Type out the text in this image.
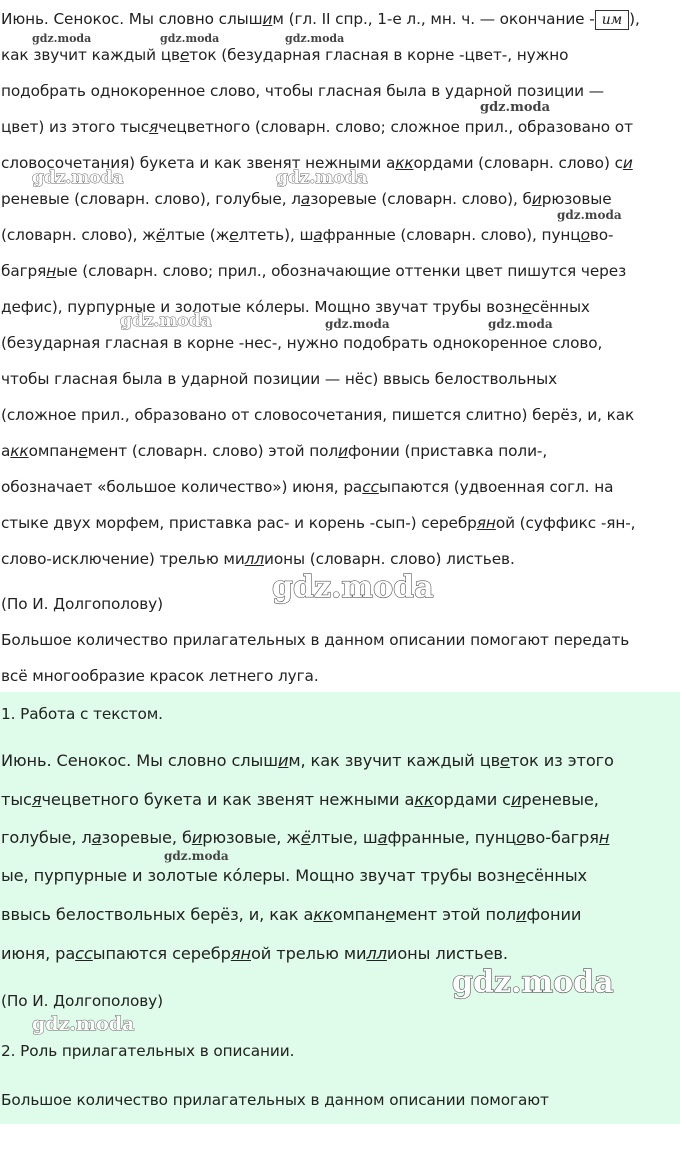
Июнь. Сенокос. Мы словно слышим (гл. II спр., 1-е л., мн. ч. — окончание - им ),
как звучит каждый цветок (безударная гласная в корне -цвет-, нужно
подобрать однокоренное слово, чтобы гласная была в ударной позиции —
цвет) из этого тысячецветного (словарн. слово; сложное прил., образовано от
словосочетания) букета и как звенят нежными аккордами (словарн. слово) си
реневые (словарн. слово), голубые, лазоревые (словарн. слово), бирюзовые
(словарн. слово), жёлтые (желтеть), шафранные (словарн. слово), пунцово-
багряные (словарн. слово; прил., обозначающие оттенки цвет пишутся через
дефис), пурпурные и золотые ко́леры. Мощно звучат трубы вознесённых
(безударная гласная в корне -нес-, нужно подобрать однокоренное слово,
чтобы гласная была в ударной позиции — нёс) ввысь белоствольных
(сложное прил., образовано от словосочетания, пишется слитно) берёз, и, как
аккомпанемент (словарн. слово) этой полифонии (приставка поли-,
обозначает «большое количество») июня, рассыпаются (удвоенная согл. на
стыке двух морфем, приставка рас- и корень -сып-) серебряной (суффикс -ян-,
слово-исключение) трелью миллионы (словарн. слово) листьев.
(По И. Долгополову)
Большое количество прилагательных в данном описании помогают передать
всё многообразие красок летнего луга.
1. Работа с текстом.
Июнь. Сенокос. Мы словно слышим, как звучит каждый цветок из этого
тысячецветного букета и как звенят нежными аккордами сиреневые,
голубые, лазоревые, бирюзовые, жёлтые, шафранные, пунцово-багрян
ые, пурпурные и золотые ко́леры. Мощно звучат трубы вознесённых
ввысь белоствольных берёз, и, как аккомпанемент этой полифонии
июня, рассыпаются серебряной трелью миллионы листьев.
(По И. Долгополову)
2. Роль прилагательных в описании.
Большое количество прилагательных в данном описании помогают
gdz.moda	gdz.moda	gdz.moda
gdz.moda
gdz.moda	gdz.moda
gdz.moda
gdz.moda	gdz.moda	gdz.moda
gdz.moda
gdz.moda
gdz.moda
gdz.moda
